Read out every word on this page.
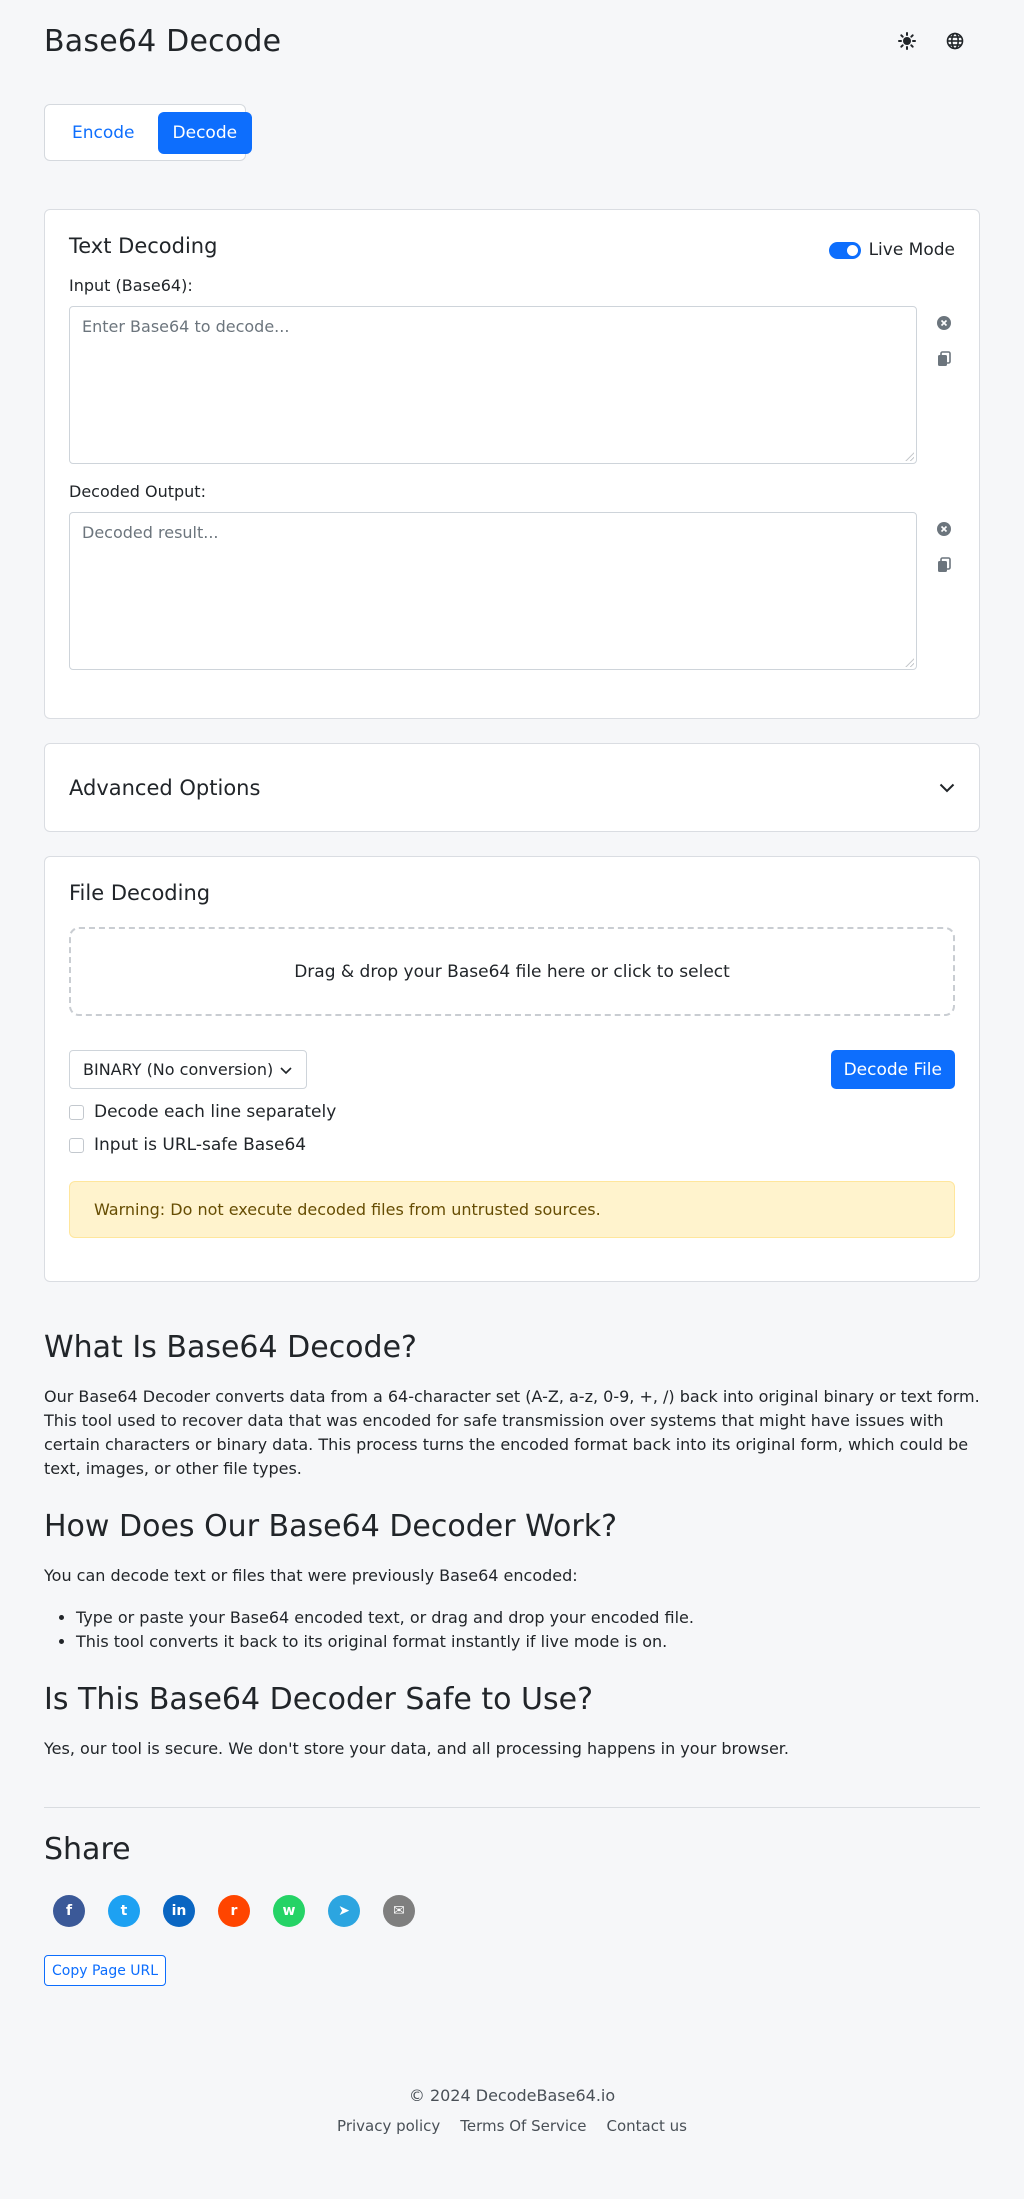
Base64 Decode
Encode	Decode
Text Decoding	Live Mode
Input (Base64):
Enter Base64 to decode...
Decoded Output:
Decoded result...
Advanced Options
File Decoding
Drag & drop your Base64 file here or click to select
BINARY (No conversion)	Decode File
Decode each line separately
Input is URL-safe Base64
Warning: Do not execute decoded files from untrusted sources.
What Is Base64 Decode?

Our Base64 Decoder converts data from a 64-character set (A-Z, a-z, 0-9, +, /) back into original binary or text form. This tool used to recover data that was encoded for safe transmission over systems that might have issues with certain characters or binary data. This process turns the encoded format back into its original form, which could be text, images, or other file types.

How Does Our Base64 Decoder Work?

You can decode text or files that were previously Base64 encoded:

• Type or paste your Base64 encoded text, or drag and drop your encoded file.
• This tool converts it back to its original format instantly if live mode is on.
Is This Base64 Decoder Safe to Use?

Yes, our tool is secure. We don't store your data, and all processing happens in your browser.

Share
f	t	in	r	w	➤	✉
Copy Page URL
© 2024 DecodeBase64.io
Privacy policy Terms Of Service Contact us
